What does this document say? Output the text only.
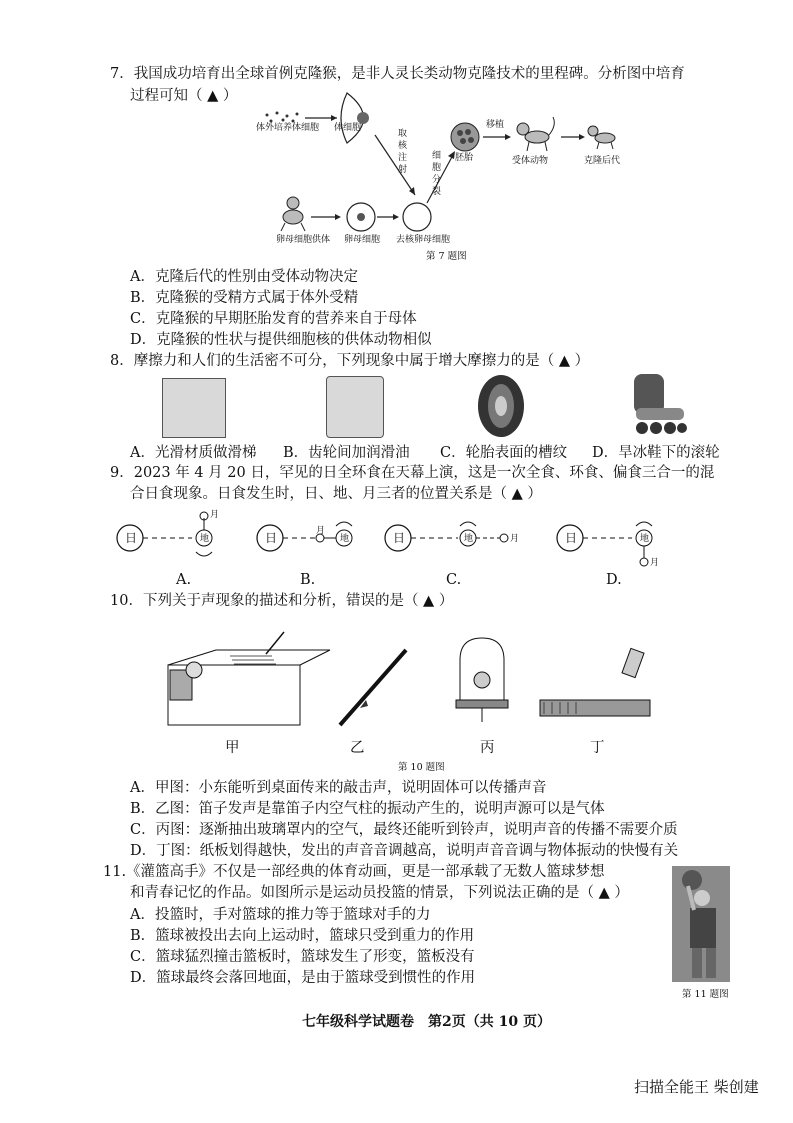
7．我国成功培育出全球首例克隆猴，是非人灵长类动物克隆技术的里程碑。分析图中培育
过程可知（ ▲ ）
体外培养体细胞 体细胞
取核注射
细胞分裂
胚胎
移植
受体动物	克隆后代
卵母细胞供体 卵母细胞 去核卵母细胞
第 7 题图
A．克隆后代的性别由受体动物决定
B．克隆猴的受精方式属于体外受精
C．克隆猴的早期胚胎发育的营养来自于母体
D．克隆猴的性状与提供细胞核的供体动物相似
8．摩擦力和人们的生活密不可分，下列现象中属于增大摩擦力的是（ ▲ ）
A．光滑材质做滑梯 B．齿轮间加润滑油 C．轮胎表面的槽纹 D．旱冰鞋下的滚轮
9．2023 年 4 月 20 日，罕见的日全环食在天幕上演，这是一次全食、环食、偏食三合一的混
合日食现象。日食发生时，日、地、月三者的位置关系是（ ▲ ）
日	地
月
日	地
月	日	地	月	日	地
月
A.	B.	C.	D.
10．下列关于声现象的描述和分析，错误的是（ ▲ ）
甲	乙	丙	丁
第 10 题图
A．甲图：小东能听到桌面传来的敲击声，说明固体可以传播声音
B．乙图：笛子发声是靠笛子内空气柱的振动产生的，说明声源可以是气体
C．丙图：逐渐抽出玻璃罩内的空气，最终还能听到铃声，说明声音的传播不需要介质
D．丁图：纸板划得越快，发出的声音音调越高，说明声音音调与物体振动的快慢有关
11.《灌篮高手》不仅是一部经典的体育动画，更是一部承载了无数人篮球梦想
和青春记忆的作品。如图所示是运动员投篮的情景，下列说法正确的是（ ▲ ）
A．投篮时，手对篮球的推力等于篮球对手的力
B．篮球被投出去向上运动时，篮球只受到重力的作用
C．篮球猛烈撞击篮板时，篮球发生了形变，篮板没有
D．篮球最终会落回地面，是由于篮球受到惯性的作用
第 11 题图
七年级科学试题卷　第2页（共 10 页）
扫描全能王 柴创建
